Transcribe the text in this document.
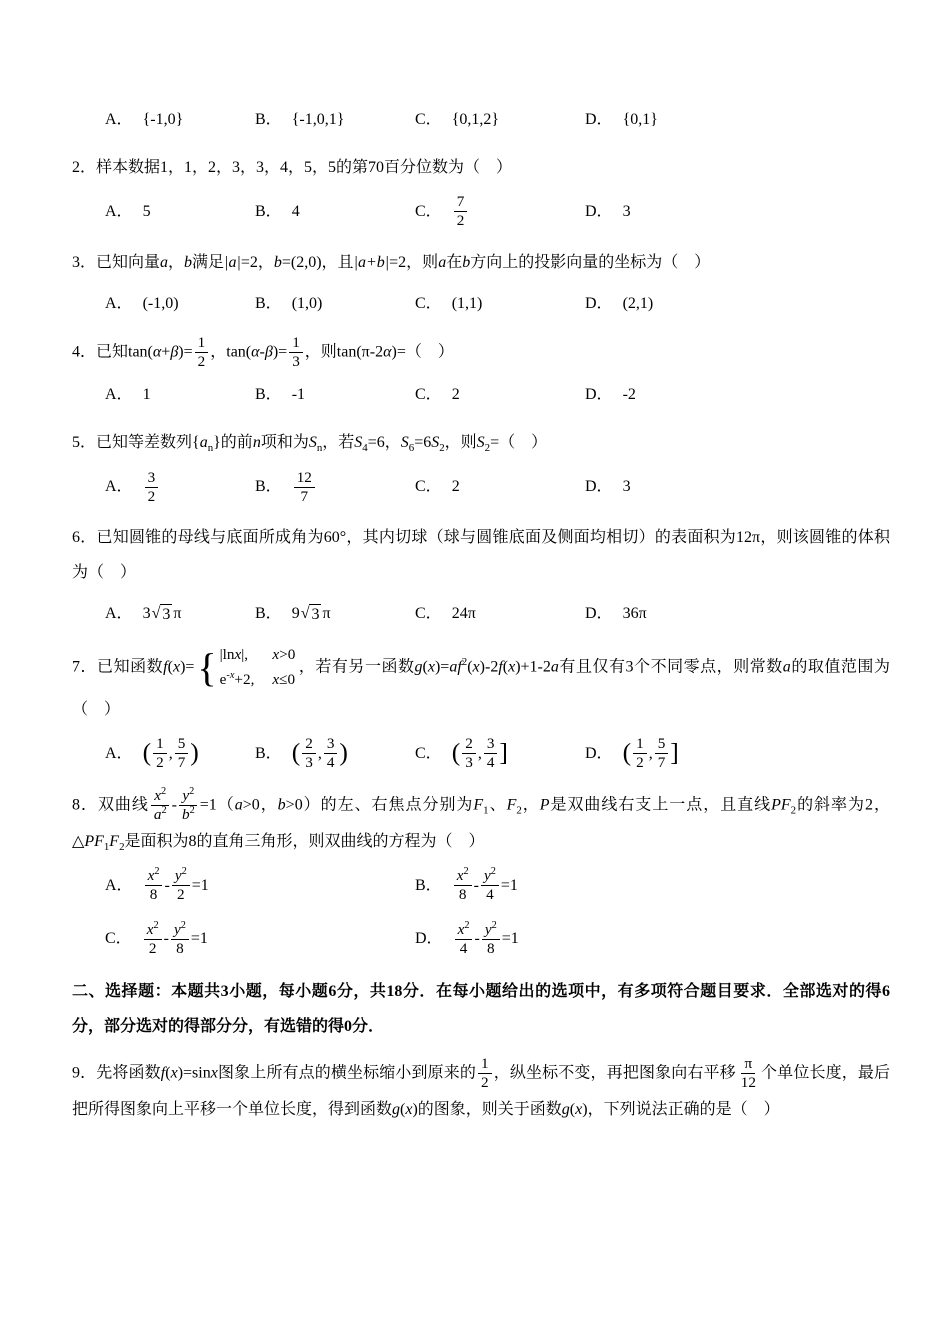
A． {-1,0}	B． {-1,0,1}	C． {0,1,2}	D． {0,1}

2．样本数据1，1，2，3，3，4，5，5的第70百分位数为（　）

A． 5	B． 4	C． $\frac{7}{2}$	D． 3

3．已知向量a，b满足|a|=2，b=(2,0)，且|a+b|=2，则a在b方向上的投影向量的坐标为（　）

A． (-1,0)	B． (1,0)	C． (1,1)	D． (2,1)

4．已知$\tan(\alpha+\beta)= \frac{1}{2}$ ，$\tan(\alpha-\beta)= \frac{1}{3}$ ，则tan(π-2α)=（　）

A． 1	B． -1	C． 2	D． -2

5．已知等差数列$\{a_n\}$的前n项和为$S_n$，若$S_4=6$，$S_6=6S_2$，则$S_2=$（　）

A． $\frac{3}{2}$	B． $\frac{12}{7}$	C． 2	D． 3

6．已知圆锥的母线与底面所成角为60°，其内切球（球与圆锥底面及侧面均相切）的表面积为12π，则该圆锥的体积为（　）

A． 3 √ 3 π	B． 9 √ 3 π	C． 24π	D． 36π

7．已知函数f(x)= { |lnx|,	x>0
$e^{-x}+2$, x≤0
，若有另一函数$g(x)=af^2(x)-2f(x)+1-2a$有且仅有3个不同零点，则常数a的取值范围为（　）

A． ( $\frac{1}{2}$ , $\frac{5}{7}$ )	B． ( $\frac{2}{3}$ , $\frac{3}{4}$ )	C． ( $\frac{2}{3}$ , $\frac{3}{4}$ ]	D． ( $\frac{1}{2}$ , $\frac{5}{7}$ ]

8．双曲线 $\frac{x^2}{a^2} - \frac{y^2}{b^2} =1(a>0$，b>0）的左、右焦点分别为$F_1$、$F_2$，P是双曲线右支上一点，且直线$PF_2$的斜率为2，$\triangle PF_1F_2$是面积为8的直角三角形，则双曲线的方程为（　）

A． $\frac{x^2}{8} - \frac{y^2}{2} =1$	B． $\frac{x^2}{8} - \frac{y^2}{4} =1$
C． $\frac{x^2}{2} - \frac{y^2}{8} =1$	D． $\frac{x^2}{4} - \frac{y^2}{8} =1$

二、选择题：本题共3小题，每小题6分，共18分．在每小题给出的选项中，有多项符合题目要求．全部选对的得6分，部分选对的得部分分，有选错的得0分．

9．先将函数f(x)=sinx图象上所有点的横坐标缩小到原来的 $\frac{1}{2}$ ，纵坐标不变，再把图象向右平移 $\frac{\pi}{12}$ 个单位长度，最后把所得图象向上平移一个单位长度，得到函数g(x)的图象，则关于函数g(x)，下列说法正确的是（　）
